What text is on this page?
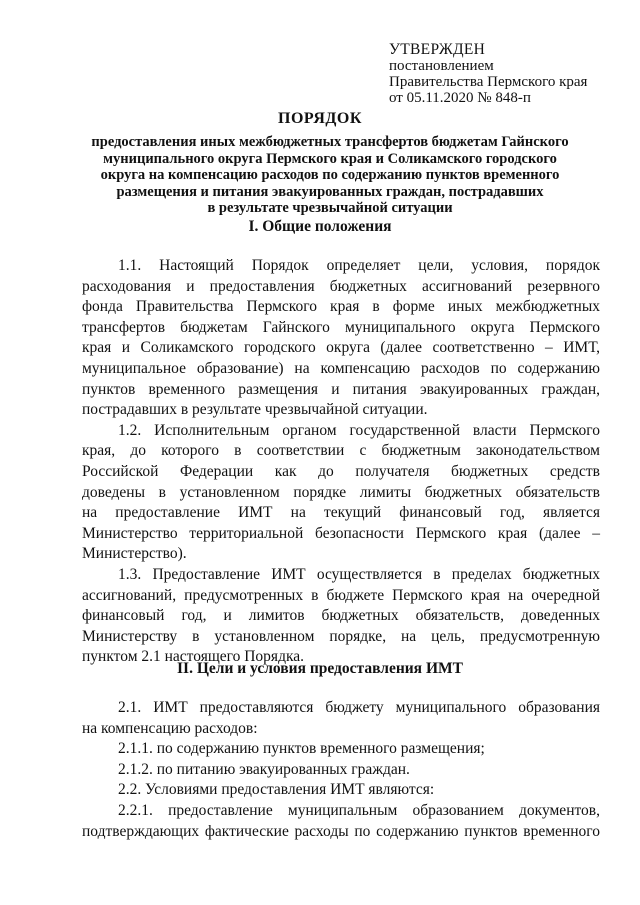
УТВЕРЖДЕН
постановлением
Правительства Пермского края
от 05.11.2020 № 848-п
ПОРЯДОК
предоставления иных межбюджетных трансфертов бюджетам Гайнского
муниципального округа Пермского края и Соликамского городского
округа на компенсацию расходов по содержанию пунктов временного
размещения и питания эвакуированных граждан, пострадавших
в результате чрезвычайной ситуации
I. Общие положения
1.1. Настоящий Порядок определяет цели, условия, порядок
расходования и предоставления бюджетных ассигнований резервного
фонда Правительства Пермского края в форме иных межбюджетных
трансфертов бюджетам Гайнского муниципального округа Пермского
края и Соликамского городского округа (далее соответственно – ИМТ,
муниципальное образование) на компенсацию расходов по содержанию
пунктов временного размещения и питания эвакуированных граждан,
пострадавших в результате чрезвычайной ситуации.
1.2. Исполнительным органом государственной власти Пермского
края, до которого в соответствии с бюджетным законодательством
Российской Федерации как до получателя бюджетных средств
доведены в установленном порядке лимиты бюджетных обязательств
на предоставление ИМТ на текущий финансовый год, является
Министерство территориальной безопасности Пермского края (далее –
Министерство).
1.3. Предоставление ИМТ осуществляется в пределах бюджетных
ассигнований, предусмотренных в бюджете Пермского края на очередной
финансовый год, и лимитов бюджетных обязательств, доведенных
Министерству в установленном порядке, на цель, предусмотренную
пунктом 2.1 настоящего Порядка.
II. Цели и условия предоставления ИМТ
2.1. ИМТ предоставляются бюджету муниципального образования
на компенсацию расходов:
2.1.1. по содержанию пунктов временного размещения;
2.1.2. по питанию эвакуированных граждан.
2.2. Условиями предоставления ИМТ являются:
2.2.1. предоставление муниципальным образованием документов,
подтверждающих фактические расходы по содержанию пунктов временного
